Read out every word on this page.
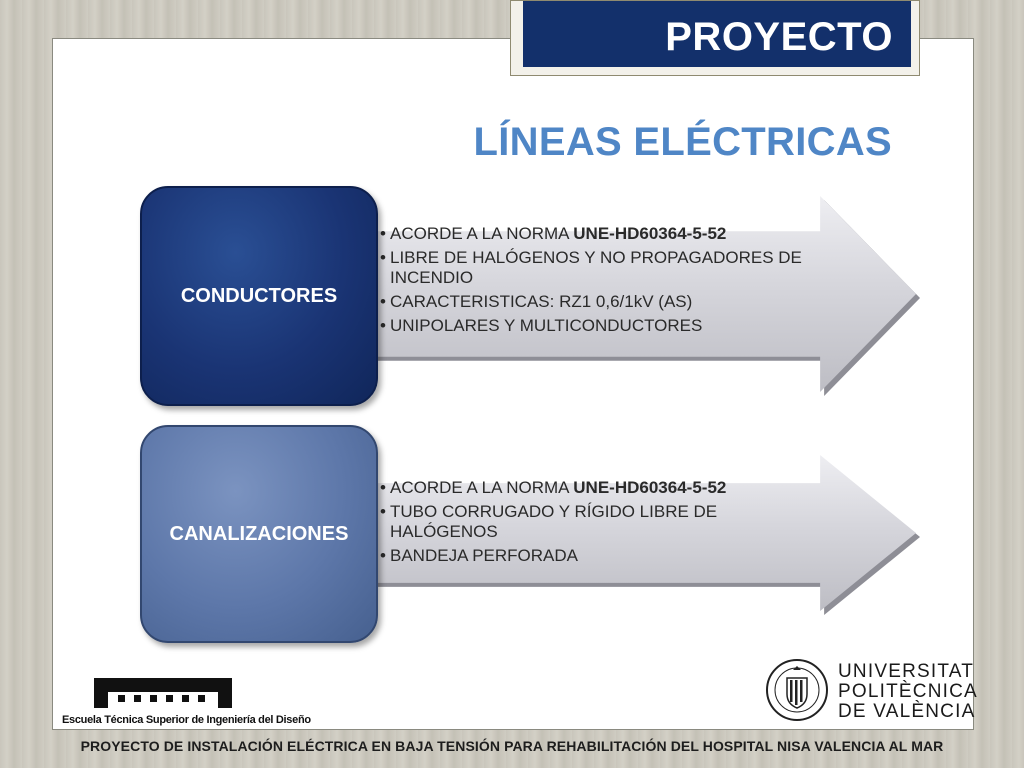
PROYECTO
LÍNEAS ELÉCTRICAS
• ACORDE A LA NORMA UNE-HD60364-5-52
• LIBRE DE HALÓGENOS Y NO PROPAGADORES DE INCENDIO
• CARACTERISTICAS: RZ1 0,6/1kV (AS)
• UNIPOLARES Y MULTICONDUCTORES
CONDUCTORES
• ACORDE A LA NORMA UNE-HD60364-5-52
• TUBO CORRUGADO Y RÍGIDO LIBRE DE HALÓGENOS
• BANDEJA PERFORADA
CANALIZACIONES
Escuela Técnica Superior de Ingeniería del Diseño
UNIVERSITAT
POLITÈCNICA
DE VALÈNCIA
PROYECTO DE INSTALACIÓN ELÉCTRICA EN BAJA TENSIÓN PARA REHABILITACIÓN DEL HOSPITAL NISA VALENCIA AL MAR
